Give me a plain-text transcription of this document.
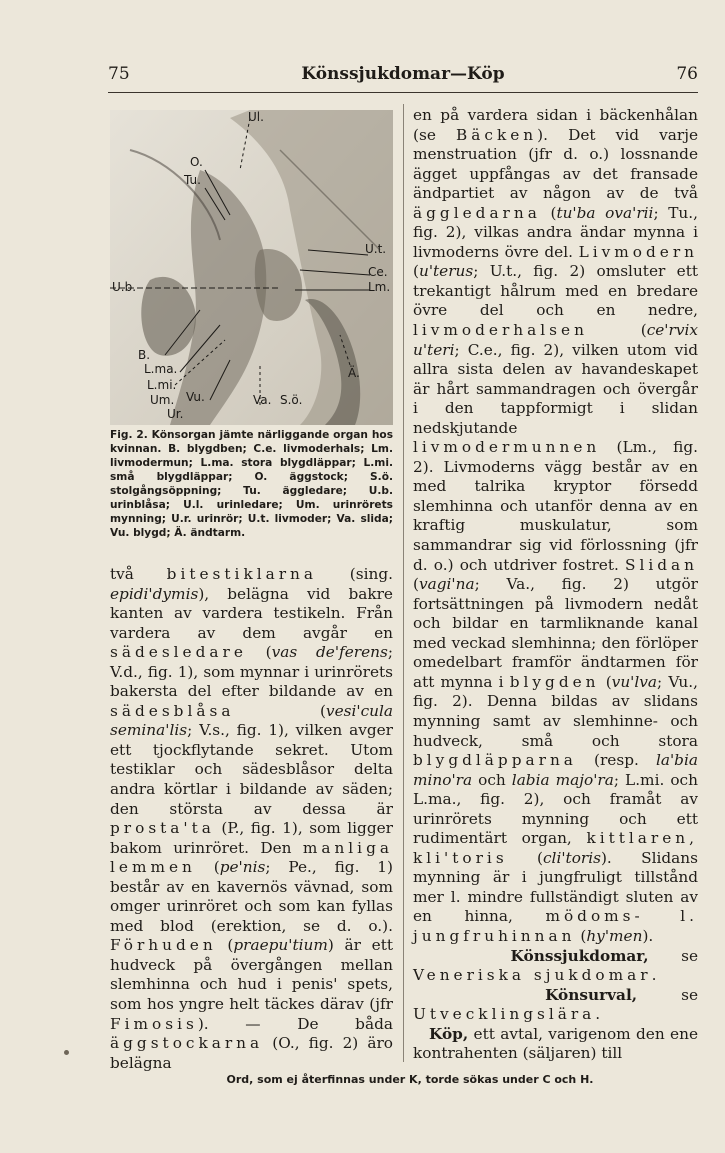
75	Könssjukdomar—Köp	76
Ul.
O.
Tu.
U.t.
Ce.
Lm.
U.b.
B.
L.ma.
L.mi.
Ä.
Um. Vu.	Va. S.ö.
Ur.
Fig. 2. Könsorgan jämte närliggande organ hos kvinnan. B. blygdben; C.e. livmoderhals; Lm. livmodermun; L.ma. stora blygdläppar; L.mi. små blygdläppar; O. äggstock; S.ö. stolgångsöppning; Tu. äggledare; U.b. urinblåsa; U.l. urinledare; Um. urinrörets mynning; U.r. urinrör; U.t. livmoder; Va. slida; Vu. blygd; Ä. ändtarm.

två bitestiklarna (sing. epidi'dymis), belägna vid bakre kanten av vardera testikeln. Från vardera av dem avgår en sädesledare (vas de'ferens; V.d., fig. 1), som mynnar i urinrörets bakersta del efter bildande av en sädesblåsa (vesi'cula semina'lis; V.s., fig. 1), vilken avger ett tjockflytande sekret. Utom testiklar och sädesblåsor delta andra körtlar i bildande av säden; den största av dessa är prosta'ta (P., fig. 1), som ligger bakom urinröret. Den manliga lemmen (pe'nis; Pe., fig. 1) består av en kavernös vävnad, som omger urinröret och som kan fyllas med blod (erektion, se d. o.). Förhuden (praepu'tium) är ett hudveck på övergången mellan slemhinna och hud i penis' spets, som hos yngre helt täckes därav (jfr Fimosis). — De båda äggstockarna (O., fig. 2) äro belägna

en på vardera sidan i bäckenhålan (se Bäcken). Det vid varje menstruation (jfr d. o.) lossnande ägget uppfångas av det fransade ändpartiet av någon av de två äggledarna (tu'ba ova'rii; Tu., fig. 2), vilkas andra ändar mynna i livmoderns övre del. Livmodern (u'terus; U.t., fig. 2) omsluter ett trekantigt hålrum med en bredare övre del och en nedre, livmoderhalsen (ce'rvix u'teri; C.e., fig. 2), vilken utom vid allra sista delen av havandeskapet är hårt sammandragen och övergår i den tappformigt i slidan nedskjutande livmodermunnen (Lm., fig. 2). Livmoderns vägg består av en med talrika kryptor försedd slemhinna och utanför denna av en kraftig muskulatur, som sammandrar sig vid förlossning (jfr d. o.) och utdriver fostret. Slidan (vagi'na; Va., fig. 2) utgör fortsättningen på livmodern nedåt och bildar en tarmliknande kanal med veckad slemhinna; den förlöper omedelbart framför ändtarmen för att mynna i blygden (vu'lva; Vu., fig. 2). Denna bildas av slidans mynning samt av slemhinne- och hudveck, små och stora blygdläpparna (resp. la'bia mino'ra och labia majo'ra; L.mi. och L.ma., fig. 2), och framåt av urinrörets mynning och ett rudimentärt organ, kittlaren, kli'toris (cli'toris). Slidans mynning är i jungfruligt tillstånd mer l. mindre fullständigt sluten av en hinna, mödoms- l. jungfruhinnan (hy'men).

Könssjukdomar, se Veneriska sjukdomar.

Könsurval, se Utvecklingslära.

Köp, ett avtal, varigenom den ene kontrahenten (säljaren) till

Ord, som ej återfinnas under K, torde sökas under C och H.
